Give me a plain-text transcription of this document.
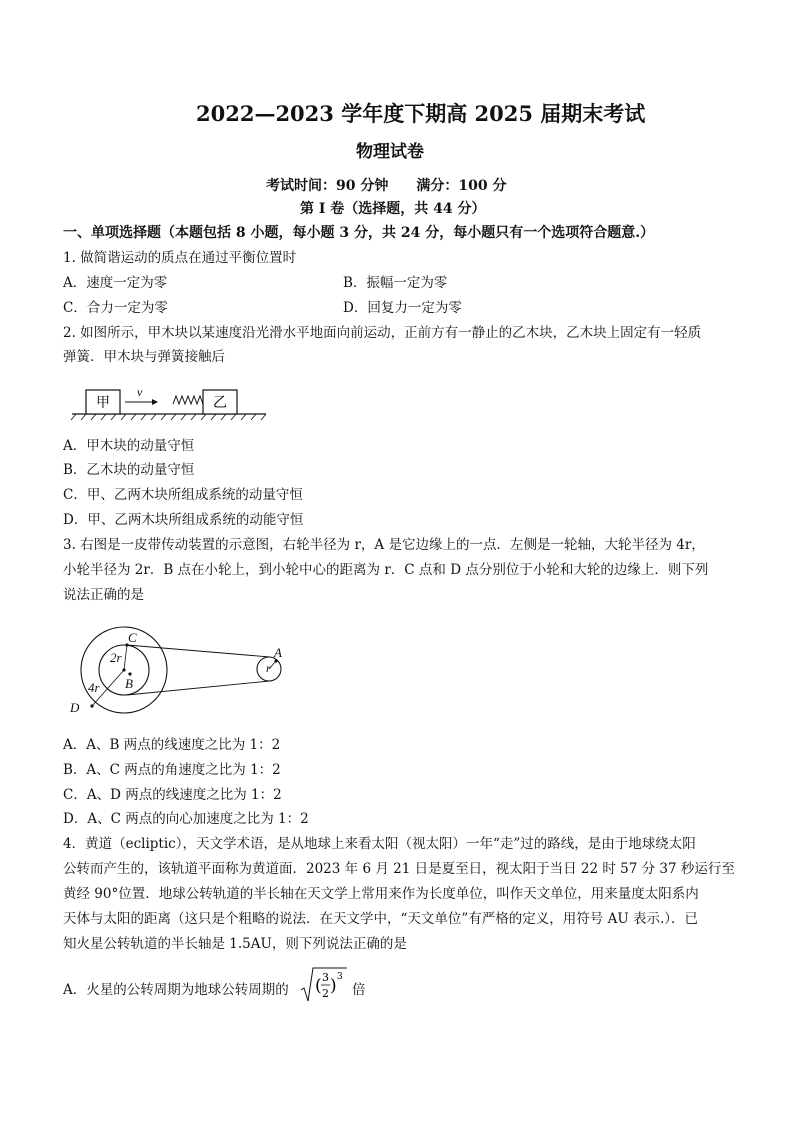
2022—2023 学年度下期高 2025 届期末考试
物理试卷
考试时间：90 分钟　　满分：100 分
第 I 卷（选择题，共 44 分）
一、单项选择题（本题包括 8 小题，每小题 3 分，共 24 分，每小题只有一个选项符合题意.）
1. 做简谐运动的质点在通过平衡位置时
A．速度一定为零	B．振幅一定为零
C．合力一定为零	D．回复力一定为零
2. 如图所示，甲木块以某速度沿光滑水平地面向前运动，正前方有一静止的乙木块，乙木块上固定有一轻质
弹簧．甲木块与弹簧接触后
甲
v
乙
A．甲木块的动量守恒
B．乙木块的动量守恒
C．甲、乙两木块所组成系统的动量守恒
D．甲、乙两木块所组成系统的动能守恒
3. 右图是一皮带传动装置的示意图，右轮半径为 r，A 是它边缘上的一点．左侧是一轮轴，大轮半径为 4r，
小轮半径为 2r．B 点在小轮上，到小轮中心的距离为 r．C 点和 D 点分别位于小轮和大轮的边缘上．则下列
说法正确的是
C
2r
B
4r
D
A
r
A．A、B 两点的线速度之比为 1：2
B．A、C 两点的角速度之比为 1：2
C．A、D 两点的线速度之比为 1：2
D．A、C 两点的向心加速度之比为 1：2
4．黄道（ecliptic），天文学术语，是从地球上来看太阳（视太阳）一年“走”过的路线，是由于地球绕太阳
公转而产生的，该轨道平面称为黄道面．2023 年 6 月 21 日是夏至日，视太阳于当日 22 时 57 分 37 秒运行至
黄经 90°位置．地球公转轨道的半长轴在天文学上常用来作为长度单位，叫作天文单位，用来量度太阳系内
天体与太阳的距离（这只是个粗略的说法．在天文学中，“天文单位”有严格的定义，用符号 AU 表示.）．已
知火星公转轨道的半长轴是 1.5AU，则下列说法正确的是
A．火星的公转周期为地球公转周期的 ( 3
2 ) 3
倍
